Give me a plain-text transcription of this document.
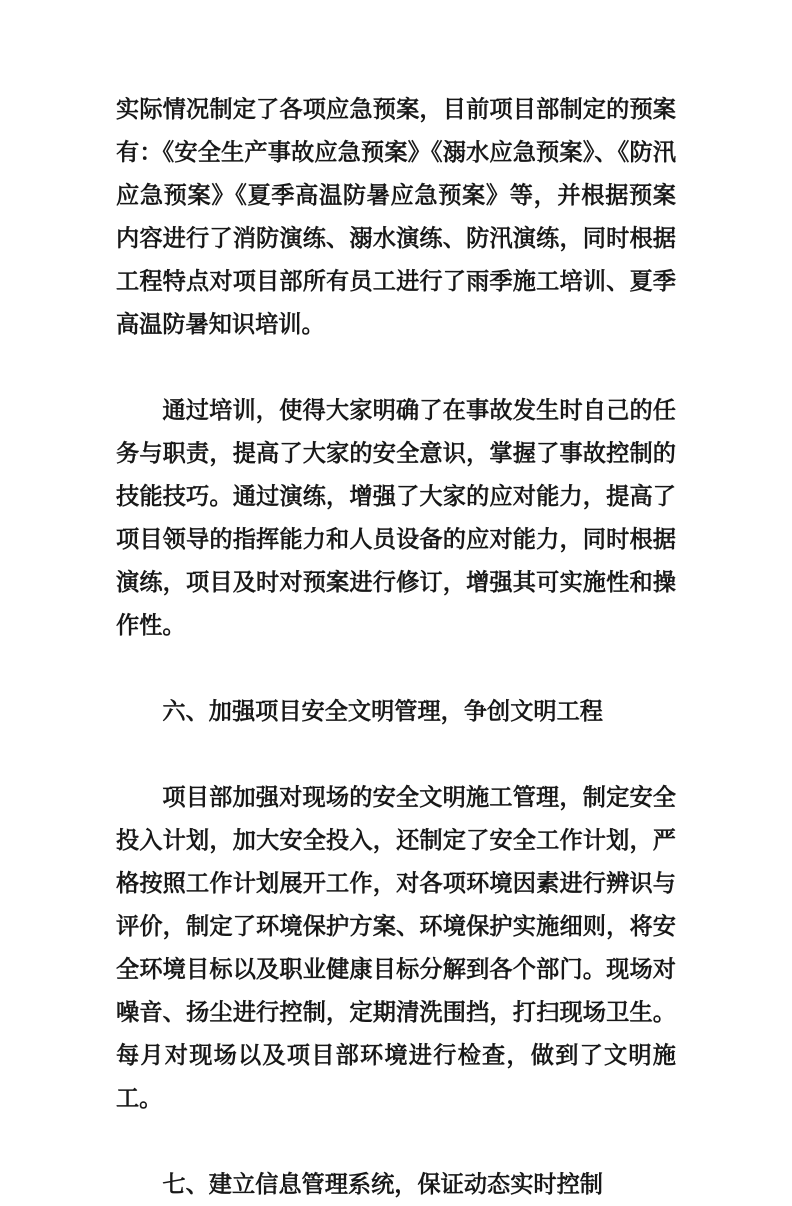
实际情况制定了各项应急预案，目前项目部制定的预案有：《安全生产事故应急预案》《溺水应急预案》、《防汛应急预案》《夏季高温防暑应急预案》等，并根据预案内容进行了消防演练、溺水演练、防汛演练，同时根据工程特点对项目部所有员工进行了雨季施工培训、夏季高温防暑知识培训。

通过培训，使得大家明确了在事故发生时自己的任务与职责，提高了大家的安全意识，掌握了事故控制的技能技巧。通过演练，增强了大家的应对能力，提高了项目领导的指挥能力和人员设备的应对能力，同时根据演练，项目及时对预案进行修订，增强其可实施性和操作性。

六、加强项目安全文明管理，争创文明工程

项目部加强对现场的安全文明施工管理，制定安全投入计划，加大安全投入，还制定了安全工作计划，严格按照工作计划展开工作，对各项环境因素进行辨识与评价，制定了环境保护方案、环境保护实施细则，将安全环境目标以及职业健康目标分解到各个部门。现场对噪音、扬尘进行控制，定期清洗围挡，打扫现场卫生。每月对现场以及项目部环境进行检查，做到了文明施工。

七、建立信息管理系统，保证动态实时控制
